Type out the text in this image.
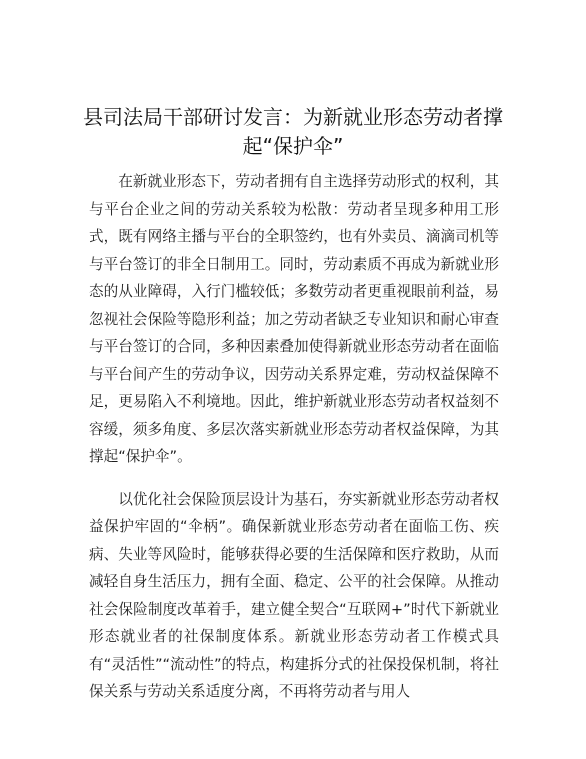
县司法局干部研讨发言：为新就业形态劳动者撑起“保护伞”

在新就业形态下，劳动者拥有自主选择劳动形式的权利，其与平台企业之间的劳动关系较为松散：劳动者呈现多种用工形式，既有网络主播与平台的全职签约，也有外卖员、滴滴司机等与平台签订的非全日制用工。同时，劳动素质不再成为新就业形态的从业障碍，入行门槛较低；多数劳动者更重视眼前利益，易忽视社会保险等隐形利益；加之劳动者缺乏专业知识和耐心审查与平台签订的合同，多种因素叠加使得新就业形态劳动者在面临与平台间产生的劳动争议，因劳动关系界定难，劳动权益保障不足，更易陷入不利境地。因此，维护新就业形态劳动者权益刻不容缓，须多角度、多层次落实新就业形态劳动者权益保障，为其撑起“保护伞”。

以优化社会保险顶层设计为基石，夯实新就业形态劳动者权益保护牢固的“伞柄”。确保新就业形态劳动者在面临工伤、疾病、失业等风险时，能够获得必要的生活保障和医疗救助，从而减轻自身生活压力，拥有全面、稳定、公平的社会保障。从推动社会保险制度改革着手，建立健全契合“互联网+”时代下新就业形态就业者的社保制度体系。新就业形态劳动者工作模式具有“灵活性”“流动性”的特点，构建拆分式的社保投保机制，将社保关系与劳动关系适度分离，不再将劳动者与用人
